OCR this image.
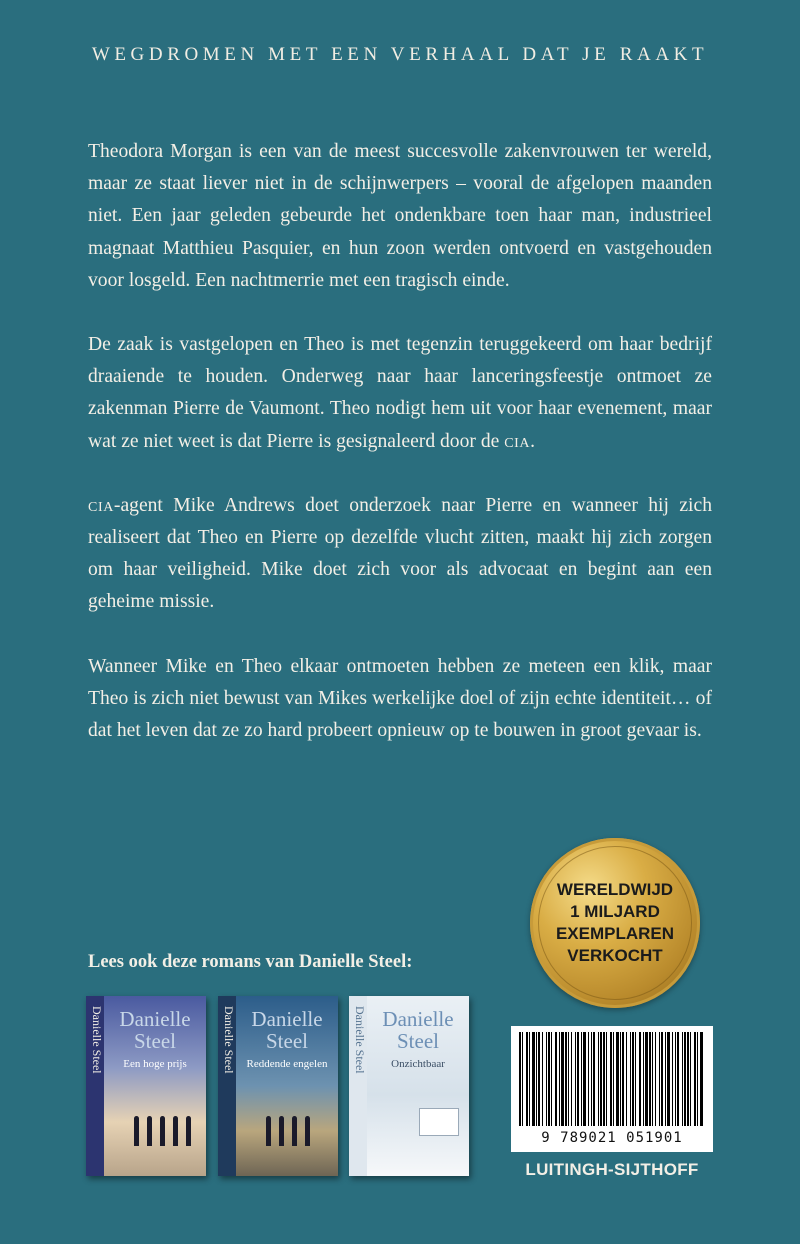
WEGDROMEN MET EEN VERHAAL DAT JE RAAKT

Theodora Morgan is een van de meest succesvolle zakenvrouwen ter wereld, maar ze staat liever niet in de schijnwerpers – vooral de afgelopen maanden niet. Een jaar geleden gebeurde het ondenkbare toen haar man, industrieel magnaat Matthieu Pasquier, en hun zoon werden ontvoerd en vastgehouden voor losgeld. Een nachtmerrie met een tragisch einde.

De zaak is vastgelopen en Theo is met tegenzin teruggekeerd om haar bedrijf draaiende te houden. Onderweg naar haar lanceringsfeestje ontmoet ze zakenman Pierre de Vaumont. Theo nodigt hem uit voor haar evenement, maar wat ze niet weet is dat Pierre is gesignaleerd door de cia.

cia-agent Mike Andrews doet onderzoek naar Pierre en wanneer hij zich realiseert dat Theo en Pierre op dezelfde vlucht zitten, maakt hij zich zorgen om haar veiligheid. Mike doet zich voor als advocaat en begint aan een geheime missie.

Wanneer Mike en Theo elkaar ontmoeten hebben ze meteen een klik, maar Theo is zich niet bewust van Mikes werkelijke doel of zijn echte identiteit… of dat het leven dat ze zo hard probeert opnieuw op te bouwen in groot gevaar is.

WERELDWIJD
1 MILJARD
EXEMPLAREN
VERKOCHT
Lees ook deze romans van Danielle Steel:
Danielle Steel Danielle
Steel
Een hoge prijs	Danielle Steel Danielle
Steel
Reddende engelen	Danielle Steel Danielle
Steel
Onzichtbaar
9 789021 051901
LUITINGH-SIJTHOFF
